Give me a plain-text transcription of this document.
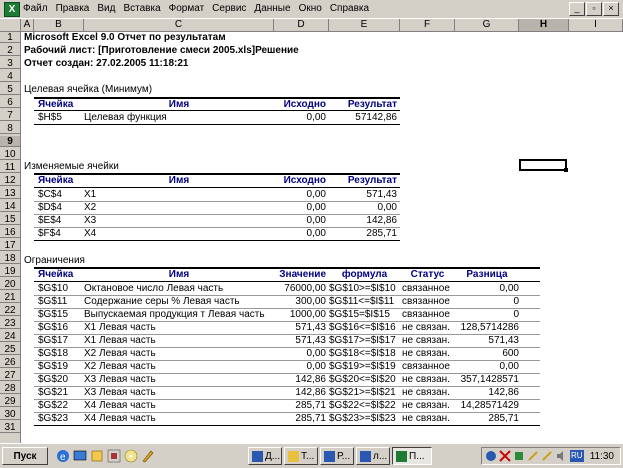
X Файл Правка Вид Вставка Формат Сервис Данные Окно Справка	_	▫	×
A	B	C	D	E	F	G	H	I
1
2
3
4
5
6
7
8
9
10
11
12
13
14
15
16
17
18
19
20
21
22
23
24
25
26
27
28
29
30
31
Microsoft Excel 9.0 Отчет по результатам
Рабочий лист: [Приготовление смеси 2005.xls]Решение
Отчет создан: 27.02.2005 11:18:21
Целевая ячейка (Минимум)
Ячейка	Имя	Исходно	Результат
$H$5 Целевая функция	0,00	57142,86
Изменяемые ячейки
Ячейка	Имя	Исходно	Результат
$C$4 X1	0,00	571,43
$D$4 X2	0,00	0,00
$E$4 X3	0,00	142,86
$F$4 X4	0,00	285,71
Ограничения
Ячейка	Имя	Значение	формула	Статус	Разница
$G$10 Октановое число Левая часть	76000,00 $G$10>=$I$10 связанное	0,00
$G$11 Содержание серы % Левая часть	300,00 $G$11<=$I$11 связанное	0
$G$15 Выпускаемая продукция т Левая часть	1000,00 $G$15=$I$15 связанное	0
$G$16 X1 Левая часть	571,43 $G$16<=$I$16 не связан.	128,5714286
$G$17 X1 Левая часть	571,43 $G$17>=$I$17 не связан.	571,43
$G$18 X2 Левая часть	0,00 $G$18<=$I$18 не связан.	600
$G$19 X2 Левая часть	0,00 $G$19>=$I$19 связанное	0,00
$G$20 X3 Левая часть	142,86 $G$20<=$I$20 не связан.	357,1428571
$G$21 X3 Левая часть	142,86 $G$21>=$I$21 не связан.	142,86
$G$22 X4 Левая часть	285,71 $G$22<=$I$22 не связан.	14,28571429
$G$23 X4 Левая часть	285,71 $G$23>=$I$23 не связан.	285,71
Пуск	e	Д...	Т...	Р...	л...	П...	RU 11:30
